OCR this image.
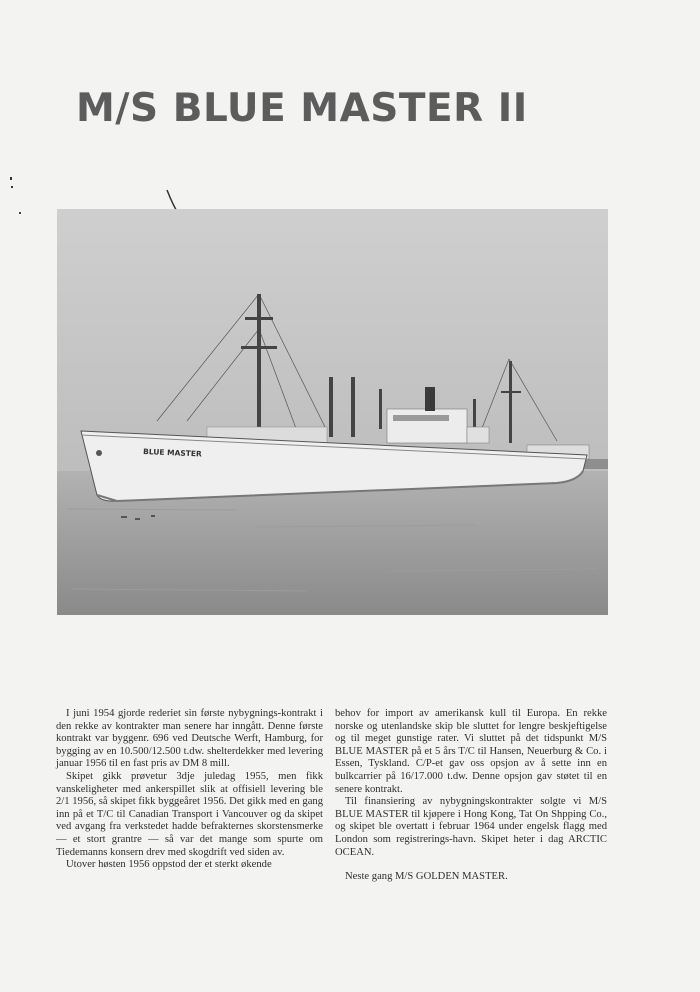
M/S BLUE MASTER II
BLUE MASTER

I juni 1954 gjorde rederiet sin første nybygnings-kontrakt i den rekke av kontrakter man senere har inngått. Denne første kontrakt var byggenr. 696 ved Deutsche Werft, Hamburg, for bygging av en 10.500/12.500 t.dw. shelterdekker med levering januar 1956 til en fast pris av DM 8 mill.

Skipet gikk prøvetur 3dje juledag 1955, men fikk vanskeligheter med ankerspillet slik at offisiell levering ble 2/1 1956, så skipet fikk byggeåret 1956. Det gikk med en gang inn på et T/C til Canadian Transport i Vancouver og da skipet ved avgang fra verkstedet hadde befrakternes skorstensmerke — et stort grantre — så var det mange som spurte om Tiedemanns konsern drev med skogdrift ved siden av.

Utover høsten 1956 oppstod der et sterkt økende

behov for import av amerikansk kull til Europa. En rekke norske og utenlandske skip ble sluttet for lengre beskjeftigelse og til meget gunstige rater. Vi sluttet på det tidspunkt M/S BLUE MASTER på et 5 års T/C til Hansen, Neuerburg & Co. i Essen, Tyskland. C/P-et gav oss opsjon av å sette inn en bulkcarrier på 16/17.000 t.dw. Denne opsjon gav støtet til en senere kontrakt.

Til finansiering av nybygningskontrakter solgte vi M/S BLUE MASTER til kjøpere i Hong Kong, Tat On Shpping Co., og skipet ble overtatt i februar 1964 under engelsk flagg med London som registrerings-havn. Skipet heter i dag ARCTIC OCEAN.

Neste gang M/S GOLDEN MASTER.
